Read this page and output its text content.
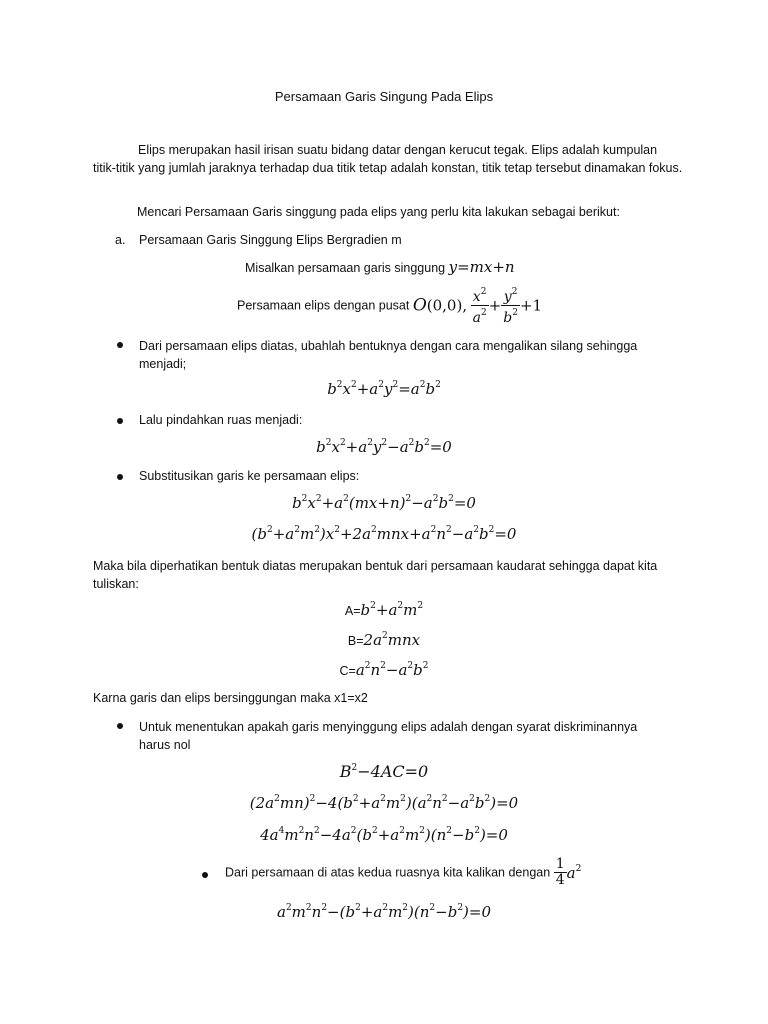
Persamaan Garis Singung Pada Elips
Elips merupakan hasil irisan suatu bidang datar dengan kerucut tegak. Elips adalah kumpulan titik-titik yang jumlah jaraknya terhadap dua titik tetap adalah konstan, titik tetap tersebut dinamakan fokus.
Mencari Persamaan Garis singgung pada elips yang perlu kita lakukan sebagai berikut:
a. Persamaan Garis Singgung Elips Bergradien m
Misalkan persamaan garis singgung y=mx+n
Persamaan elips dengan pusat O(0,0), $\frac{x^2}{a^2} + \frac{y^2}{b^2} +1$
Dari persamaan elips diatas, ubahlah bentuknya dengan cara mengalikan silang sehingga menjadi;
$b^2x^2+a^2y^2=a^2b^2$
Lalu pindahkan ruas menjadi:
$b^2x^2+a^2y^2-a^2b^2=0$
Substitusikan garis ke persamaan elips:
$b^2x^2+a^2(mx+n)^2-a^2b^2=0$
$(b^2+a^2m^2)x^2+2a^2mnx+a^2n^2-a^2b^2=0$
Maka bila diperhatikan bentuk diatas merupakan bentuk dari persamaan kaudarat sehingga dapat kita tuliskan:
$A=b^2+a^2m^2$
$B=2a^2mnx$
$C=a^2n^2-a^2b^2$
Karna garis dan elips bersinggungan maka x1=x2
Untuk menentukan apakah garis menyinggung elips adalah dengan syarat diskriminannya harus nol
$B^2-4AC=0$
$(2a^2mn)^2-4(b^2+a^2m^2)(a^2n^2-a^2b^2)=0$
$4a^4m^2n^2-4a^2(b^2+a^2m^2)(n^2-b^2)=0$
Dari persamaan di atas kedua ruasnya kita kalikan dengan $\frac{1}{4} a^2$
$a^2m^2n^2-(b^2+a^2m^2)(n^2-b^2)=0$
